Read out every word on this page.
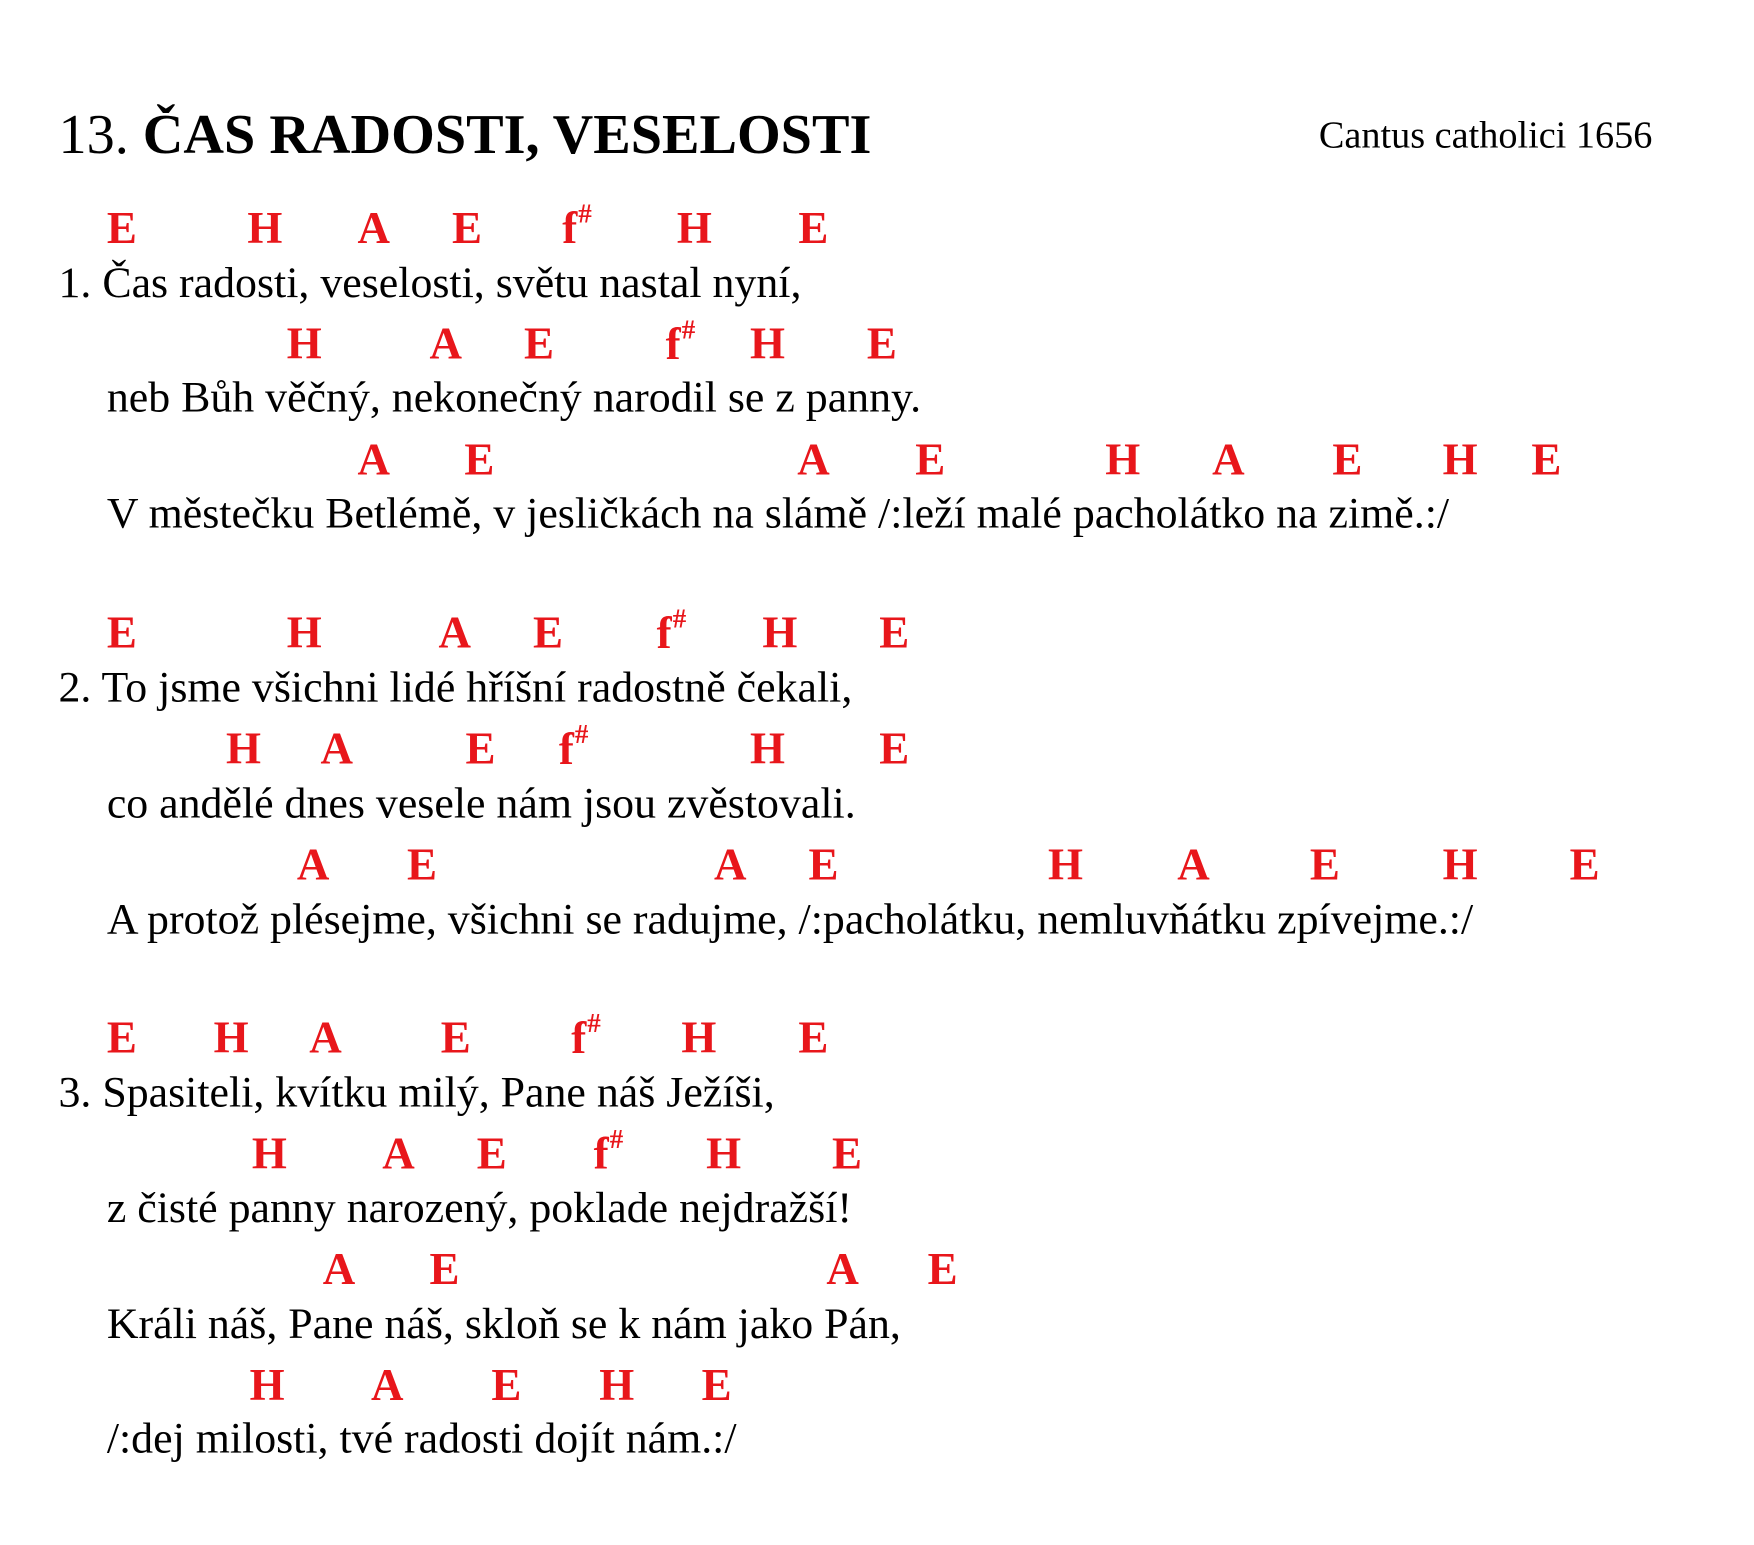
13. ČAS RADOSTI, VESELOSTI	Cantus catholici 1656
E	H A E f# H E
1. Čas radosti, veselosti, světu nastal nyní,
H	A E	f# H E
neb Bůh věčný, nekonečný narodil se z panny.
A E	A E	H A E H E
V městečku Betlémě, v jesličkách na slámě /:leží malé pacholátko na zimě.:/
E	H	A E f# H E
2. To jsme všichni lidé hříšní radostně čekali,
H A	E f#	H E
co andělé dnes vesele nám jsou zvěstovali.
A E	A E	H A	E	H E
A protož plésejme, všichni se radujme, /:pacholátku, nemluvňátku zpívejme.:/
E H A E	f# H E
3. Spasiteli, kvítku milý, Pane náš Ježíši,
H A E f# H E
z čisté panny narozený, poklade nejdražší!
A E	A E
Králi náš, Pane náš, skloň se k nám jako Pán,
H A E H E
/:dej milosti, tvé radosti dojít nám.:/
